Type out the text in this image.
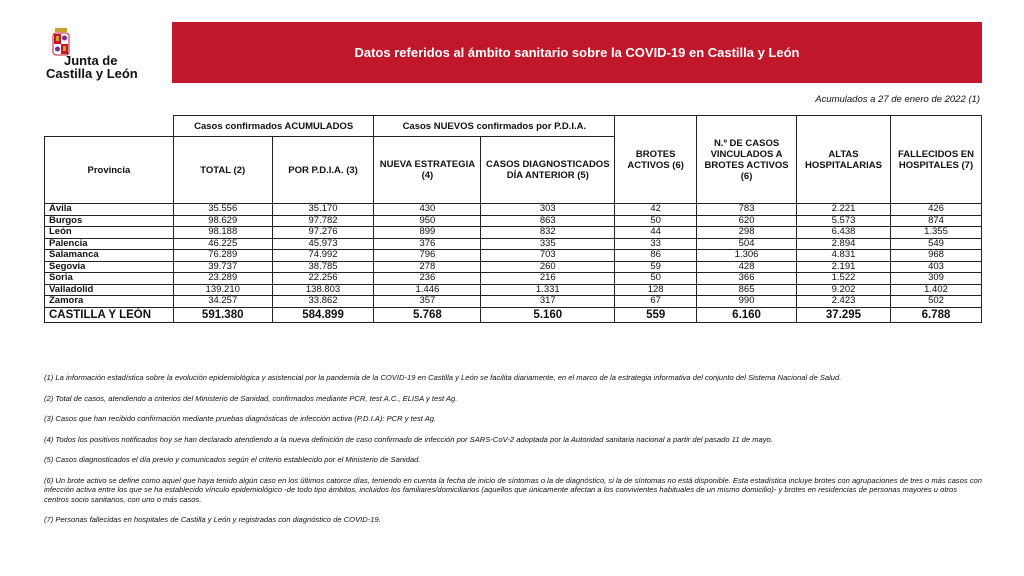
Junta de
Castilla y León
Datos referidos al ámbito sanitario sobre la COVID-19 en Castilla y León
Acumulados a 27 de enero de 2022 (1)
	Casos confirmados ACUMULADOS		Casos NUEVOS confirmados por P.D.I.A.		BROTES ACTIVOS (6)	N.º DE CASOS VINCULADOS A BROTES ACTIVOS (6)	ALTAS HOSPITALARIAS	FALLECIDOS EN HOSPITALES (7)
Provincia	TOTAL (2)	POR P.D.I.A. (3)	NUEVA ESTRATEGIA (4)	CASOS DIAGNOSTICADOS DÍA ANTERIOR (5)				
Ávila	35.556	35.170	430	303	42	783	2.221	426
Burgos	98.629	97.782	950	863	50	620	5.573	874
León	98.188	97.276	899	832	44	298	6.438	1.355
Palencia	46.225	45.973	376	335	33	504	2.894	549
Salamanca	76.289	74.992	796	703	86	1.306	4.831	968
Segovia	39.737	38.785	278	260	59	428	2.191	403
Soria	23.289	22.256	236	216	50	366	1.522	309
Valladolid	139.210	138.803	1.446	1.331	128	865	9.202	1.402
Zamora	34.257	33.862	357	317	67	990	2.423	502
CASTILLA Y LEÓN	591.380	584.899	5.768	5.160	559	6.160	37.295	6.788

(1) La información estadística sobre la evolución epidemiológica y asistencial por la pandemia de la COVID-19 en Castilla y León se facilita diariamente, en el marco de la estrategia informativa del conjunto del Sistema Nacional de Salud.

(2) Total de casos, atendiendo a criterios del Ministerio de Sanidad, confirmados mediante PCR, test A.C., ELISA y test Ag.

(3) Casos que han recibido confirmación mediante pruebas diagnósticas de infección activa (P.D.I.A): PCR y test Ag.

(4) Todos los positivos notificados hoy se han declarado atendiendo a la nueva definición de caso confirmado de infección por SARS-CoV-2 adoptada por la Autoridad sanitaria nacional a partir del pasado 11 de mayo.

(5) Casos diagnosticados el día previo y comunicados según el criterio establecido por el Ministerio de Sanidad.

(6) Un brote activo se define como aquel que haya tenido algún caso en los últimos catorce días, teniendo en cuenta la fecha de inicio de síntomas o la de diagnóstico, si la de síntomas no está disponible. Esta estadística incluye brotes con agrupaciones de tres o más casos con infección activa entre los que se ha establecido vínculo epidemiológico -de todo tipo ámbitos, incluidos los familiares/domiciliarios (aquellos que únicamente afectan a los convivientes habituales de un mismo domicilio)- y brotes en residencias de personas mayores u otros centros socio sanitarios, con uno o más casos.

(7) Personas fallecidas en hospitales de Castilla y León y registradas con diagnóstico de COVID-19.
